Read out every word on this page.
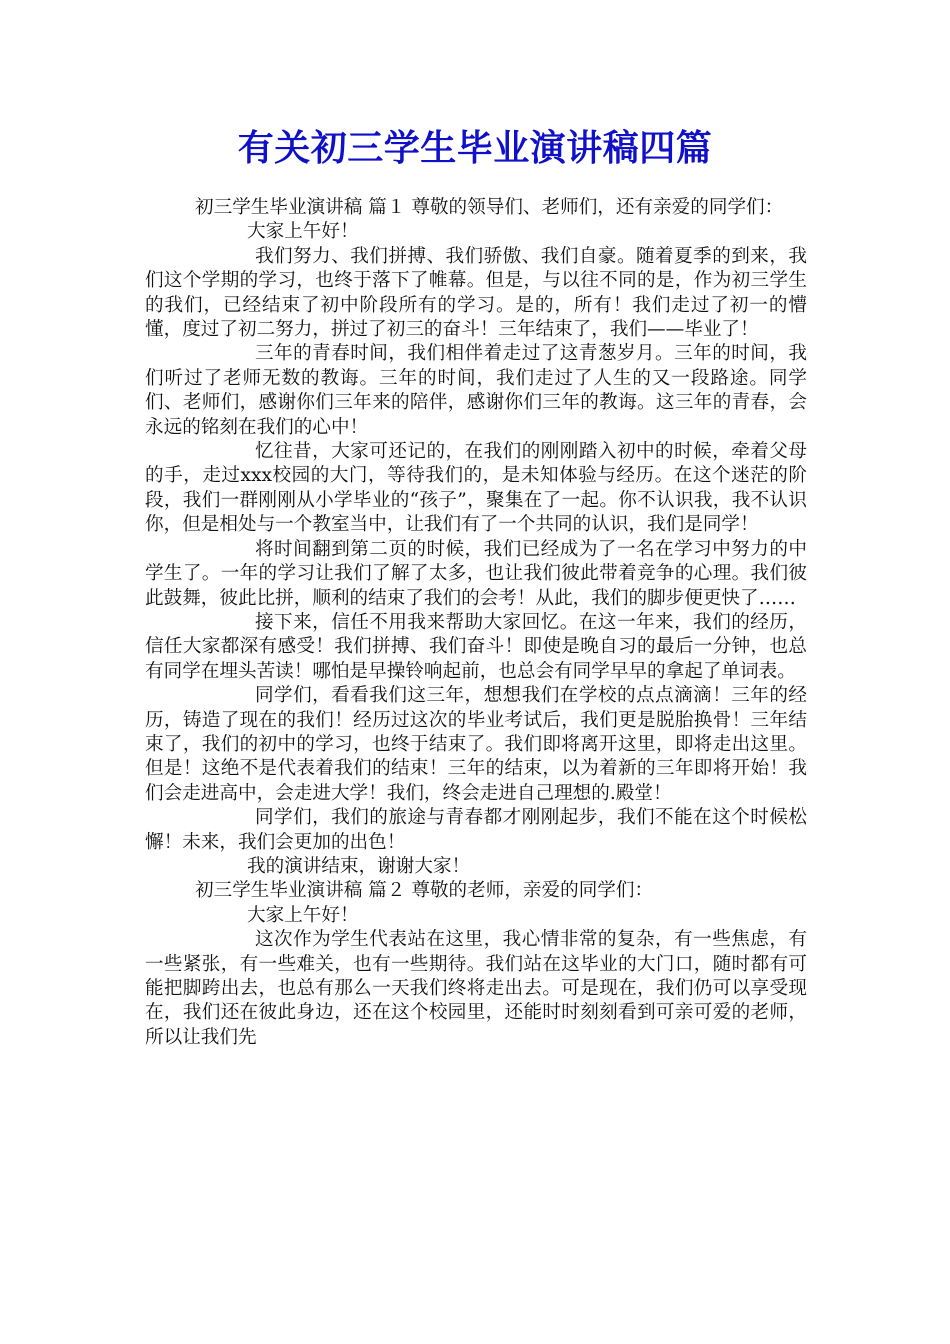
有关初三学生毕业演讲稿四篇

初三学生毕业演讲稿 篇１ 尊敬的领导们、老师们，还有亲爱的同学们：

大家上午好！

我们努力、我们拼搏、我们骄傲、我们自豪。随着夏季的到来，我们这个学期的学习，也终于落下了帷幕。但是，与以往不同的是，作为初三学生的我们，已经结束了初中阶段所有的学习。是的，所有！我们走过了初一的懵懂，度过了初二努力，拼过了初三的奋斗！三年结束了，我们——毕业了！

三年的青春时间，我们相伴着走过了这青葱岁月。三年的时间，我们听过了老师无数的教诲。三年的时间，我们走过了人生的又一段路途。同学们、老师们，感谢你们三年来的陪伴，感谢你们三年的教诲。这三年的青春，会永远的铭刻在我们的心中！

忆往昔，大家可还记的，在我们的刚刚踏入初中的时候，牵着父母的手，走过xxx校园的大门，等待我们的，是未知体验与经历。在这个迷茫的阶段，我们一群刚刚从小学毕业的“孩子”，聚集在了一起。你不认识我，我不认识你，但是相处与一个教室当中，让我们有了一个共同的认识，我们是同学！

将时间翻到第二页的时候，我们已经成为了一名在学习中努力的中学生了。一年的学习让我们了解了太多，也让我们彼此带着竞争的心理。我们彼此鼓舞，彼此比拼，顺利的结束了我们的会考！从此，我们的脚步便更快了……

接下来，信任不用我来帮助大家回忆。在这一年来，我们的经历，信任大家都深有感受！我们拼搏、我们奋斗！即使是晚自习的最后一分钟，也总有同学在埋头苦读！哪怕是早操铃响起前，也总会有同学早早的拿起了单词表。

同学们，看看我们这三年，想想我们在学校的点点滴滴！三年的经历，铸造了现在的我们！经历过这次的毕业考试后，我们更是脱胎换骨！三年结束了，我们的初中的学习，也终于结束了。我们即将离开这里，即将走出这里。但是！这绝不是代表着我们的结束！三年的结束，以为着新的三年即将开始！我们会走进高中，会走进大学！我们，终会走进自己理想的.殿堂！

同学们，我们的旅途与青春都才刚刚起步，我们不能在这个时候松懈！未来，我们会更加的出色！

我的演讲结束，谢谢大家！

初三学生毕业演讲稿 篇２ 尊敬的老师，亲爱的同学们：

大家上午好！

这次作为学生代表站在这里，我心情非常的复杂，有一些焦虑，有一些紧张，有一些难关，也有一些期待。我们站在这毕业的大门口，随时都有可能把脚跨出去，也总有那么一天我们终将走出去。可是现在，我们仍可以享受现在，我们还在彼此身边，还在这个校园里，还能时时刻刻看到可亲可爱的老师，所以让我们先
